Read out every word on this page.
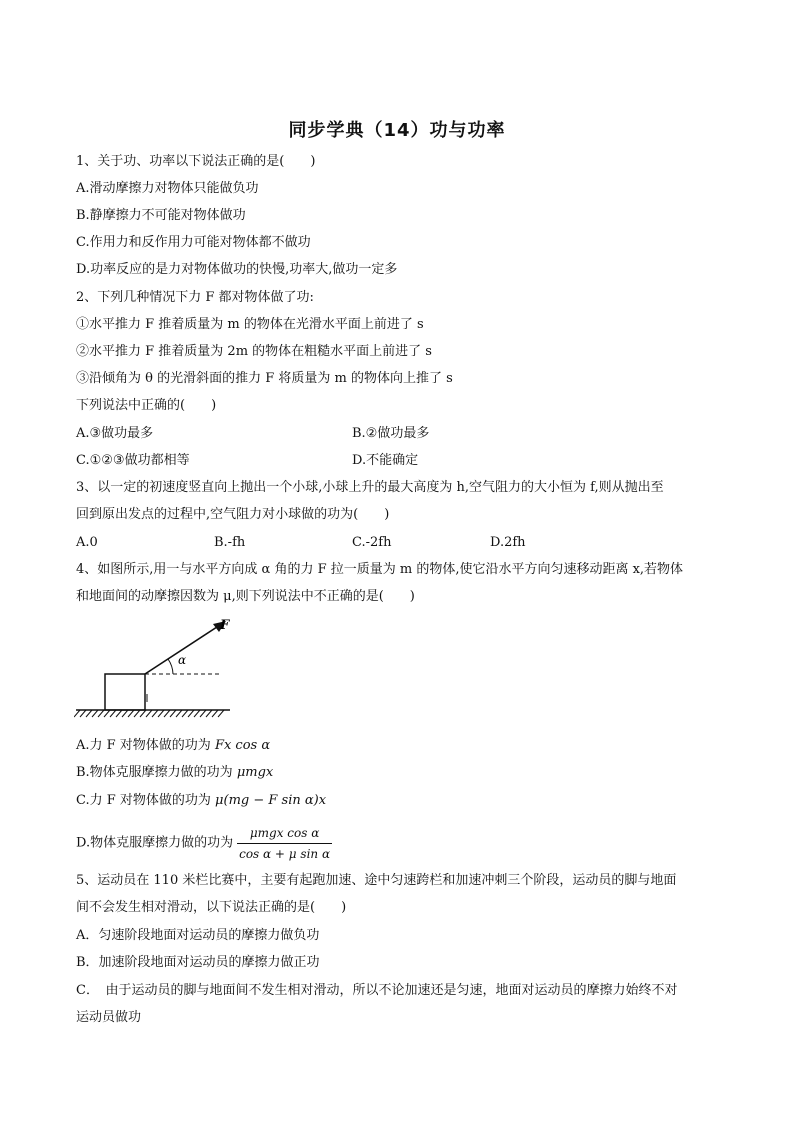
同步学典（14）功与功率
1、关于功、功率以下说法正确的是(　　)
A.滑动摩擦力对物体只能做负功
B.静摩擦力不可能对物体做功
C.作用力和反作用力可能对物体都不做功
D.功率反应的是力对物体做功的快慢,功率大,做功一定多
2、下列几种情况下力 F 都对物体做了功:
①水平推力 F 推着质量为 m 的物体在光滑水平面上前进了 s
②水平推力 F 推着质量为 2m 的物体在粗糙水平面上前进了 s
③沿倾角为 θ 的光滑斜面的推力 F 将质量为 m 的物体向上推了 s
下列说法中正确的(　　)
A.③做功最多	B.②做功最多
C.①②③做功都相等	D.不能确定
3、以一定的初速度竖直向上抛出一个小球,小球上升的最大高度为 h,空气阻力的大小恒为 f,则从抛出至
回到原出发点的过程中,空气阻力对小球做的功为(　　)
A.0	B.-fh	C.-2fh	D.2fh
4、如图所示,用一与水平方向成 α 角的力 F 拉一质量为 m 的物体,使它沿水平方向匀速移动距离 x,若物体
和地面间的动摩擦因数为 μ,则下列说法中不正确的是(　　)
F
α
A.力 F 对物体做的功为 Fx cos α
B.物体克服摩擦力做的功为 μmgx
C.力 F 对物体做的功为 μ(mg − F sin α)x
D.物体克服摩擦力做的功为 $\frac{\text{μmgx cos α}}{\text{cos α + μ sin α}}$
5、运动员在 110 米栏比赛中，主要有起跑加速、途中匀速跨栏和加速冲刺三个阶段，运动员的脚与地面
间不会发生相对滑动，以下说法正确的是(　　)
A．匀速阶段地面对运动员的摩擦力做负功
B．加速阶段地面对运动员的摩擦力做正功
C．　由于运动员的脚与地面间不发生相对滑动，所以不论加速还是匀速，地面对运动员的摩擦力始终不对
运动员做功
